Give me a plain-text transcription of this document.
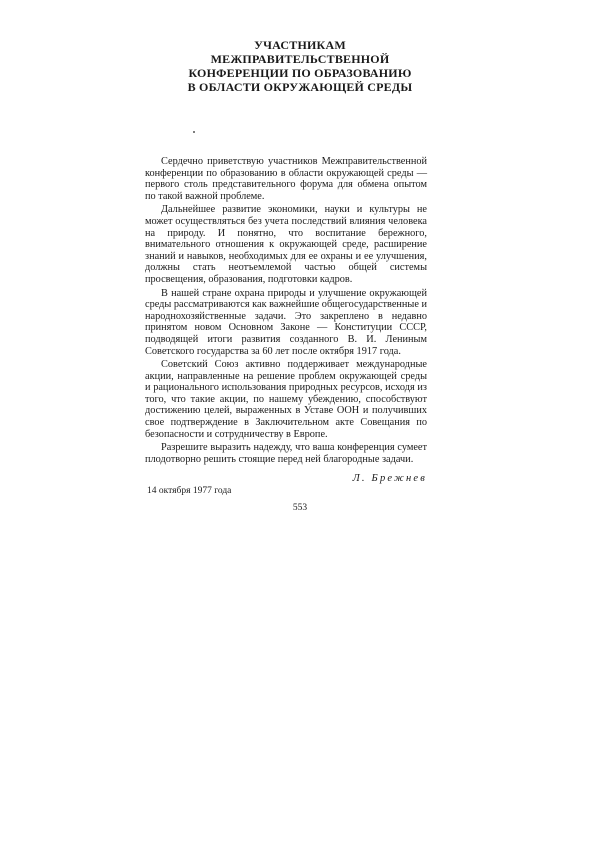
УЧАСТНИКАМ
МЕЖПРАВИТЕЛЬСТВЕННОЙ
КОНФЕРЕНЦИИ ПО ОБРАЗОВАНИЮ
В ОБЛАСТИ ОКРУЖАЮЩЕЙ СРЕДЫ

Сердечно приветствую участников Межправительственной конференции по образованию в области окружающей среды — первого столь представительного форума для обмена опытом по такой важной проблеме.

Дальнейшее развитие экономики, науки и культуры не может осуществляться без учета последствий влияния человека на природу. И понятно, что воспитание бережного, внимательного отношения к окружающей среде, расширение знаний и навыков, необходимых для ее охраны и ее улучшения, должны стать неотъемлемой частью общей системы просвещения, образования, подготовки кадров.

В нашей стране охрана природы и улучшение окружающей среды рассматриваются как важнейшие общегосударственные и народнохозяйственные задачи. Это закреплено в недавно принятом новом Основном Законе — Конституции СССР, подводящей итоги развития созданного В. И. Лениным Советского государства за 60 лет после октября 1917 года.

Советский Союз активно поддерживает международные акции, направленные на решение проблем окружающей среды и рационального использования природных ресурсов, исходя из того, что такие акции, по нашему убеждению, способствуют достижению целей, выраженных в Уставе ООН и получивших свое подтверждение в Заключительном акте Совещания по безопасности и сотрудничеству в Европе.

Разрешите выразить надежду, что ваша конференция сумеет плодотворно решить стоящие перед ней благородные задачи.

Л. Брежнев
14 октября 1977 года
553
